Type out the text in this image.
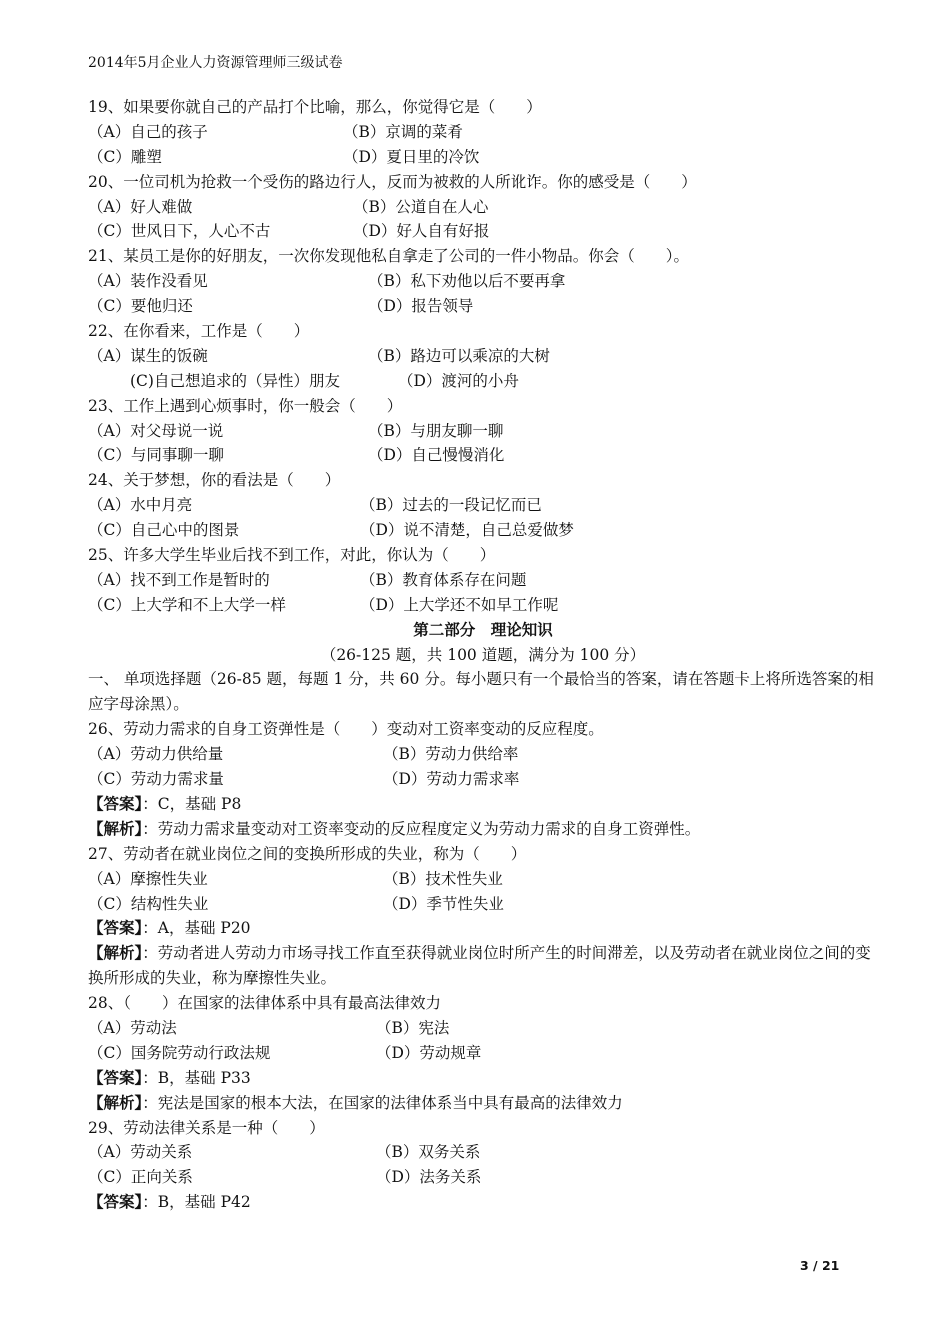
2014年5月企业人力资源管理师三级试卷
19、如果要你就自己的产品打个比喻，那么，你觉得它是（　　）
（A）自己的孩子	（B）京调的菜肴
（C）雕塑	（D）夏日里的冷饮
20、一位司机为抢救一个受伤的路边行人，反而为被救的人所讹诈。你的感受是（　　）
（A）好人难做	（B）公道自在人心
（C）世风日下，人心不古	（D）好人自有好报
21、某员工是你的好朋友，一次你发现他私自拿走了公司的一件小物品。你会（　　）。
（A）装作没看见	（B）私下劝他以后不要再拿
（C）要他归还	（D）报告领导
22、在你看来，工作是（　　）
（A）谋生的饭碗	（B）路边可以乘凉的大树
(C)自己想追求的（异性）朋友	（D）渡河的小舟
23、工作上遇到心烦事时，你一般会（　　）
（A）对父母说一说	（B）与朋友聊一聊
（C）与同事聊一聊	（D）自己慢慢消化
24、关于梦想，你的看法是（　　）
（A）水中月亮	（B）过去的一段记忆而已
（C）自己心中的图景	（D）说不清楚，自己总爱做梦
25、许多大学生毕业后找不到工作，对此，你认为（　　）
（A）找不到工作是暂时的	（B）教育体系存在问题
（C）上大学和不上大学一样	（D）上大学还不如早工作呢
第二部分　理论知识
（26-125 题，共 100 道题，满分为 100 分）
一、 单项选择题（26-85 题，每题 1 分，共 60 分。每小题只有一个最恰当的答案，请在答题卡上将所选答案的相应字母涂黑）。
26、劳动力需求的自身工资弹性是（　　）变动对工资率变动的反应程度。
（A）劳动力供给量	（B）劳动力供给率
（C）劳动力需求量	（D）劳动力需求率
【答案】：C，基础 P8
【解析】：劳动力需求量变动对工资率变动的反应程度定义为劳动力需求的自身工资弹性。
27、劳动者在就业岗位之间的变换所形成的失业，称为（　　）
（A）摩擦性失业	（B）技术性失业
（C）结构性失业	（D）季节性失业
【答案】：A，基础 P20
【解析】：劳动者进人劳动力市场寻找工作直至获得就业岗位时所产生的时间滞差，以及劳动者在就业岗位之间的变换所形成的失业，称为摩擦性失业。
28、（　　）在国家的法律体系中具有最高法律效力
（A）劳动法	（B）宪法
（C）国务院劳动行政法规	（D）劳动规章
【答案】：B，基础 P33
【解析】：宪法是国家的根本大法，在国家的法律体系当中具有最高的法律效力
29、劳动法律关系是一种（　　）
（A）劳动关系	（B）双务关系
（C）正向关系	（D）法务关系
【答案】：B，基础 P42
3 / 21
